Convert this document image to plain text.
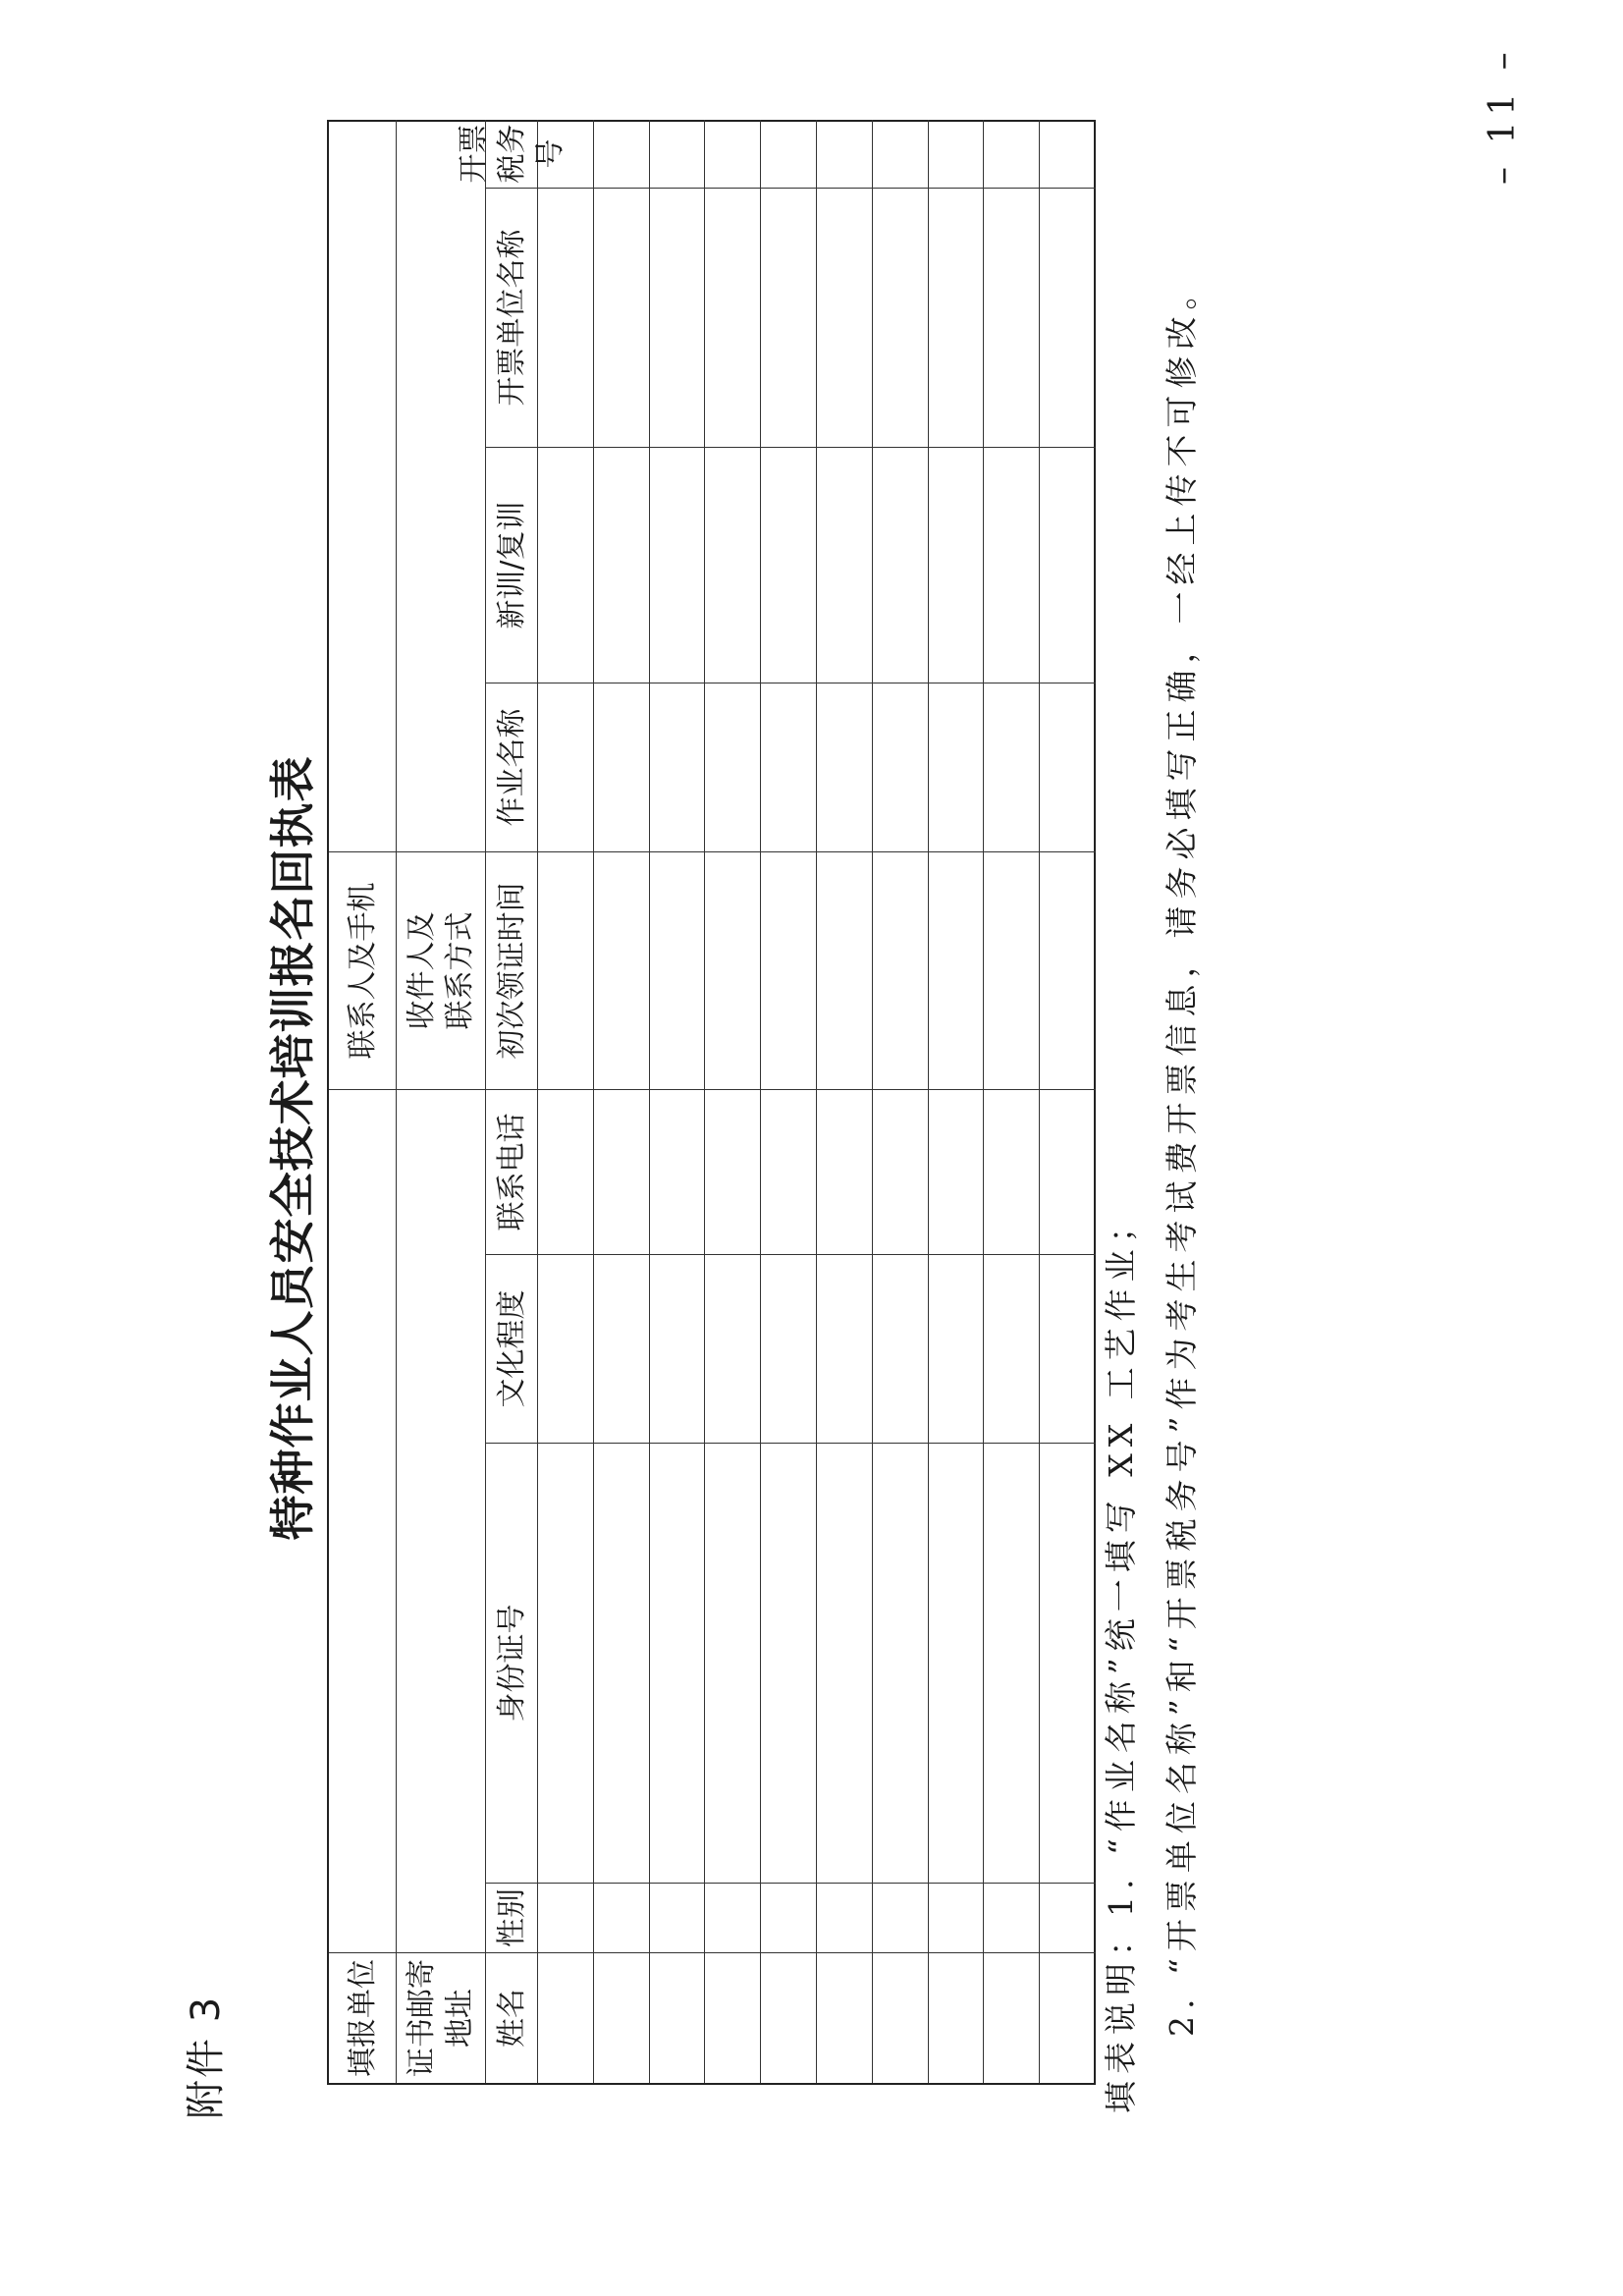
附件 3
特种作业人员安全技术培训报名回执表
填报单位
联系人及手机
证书邮寄 地址
收件人及 联系方式
姓名
性别
身份证号
文化程度
联系电话
初次领证时间
作业名称
新训/复训
开票单位名称
开票税务号
填表说明：1. “作业名称”统一填写 XX 工艺作业； 2. “开票单位名称”和“开票税务号”作为考生考试费开票信息，请务必填写正确，一经上传不可修改。
– 11 –
